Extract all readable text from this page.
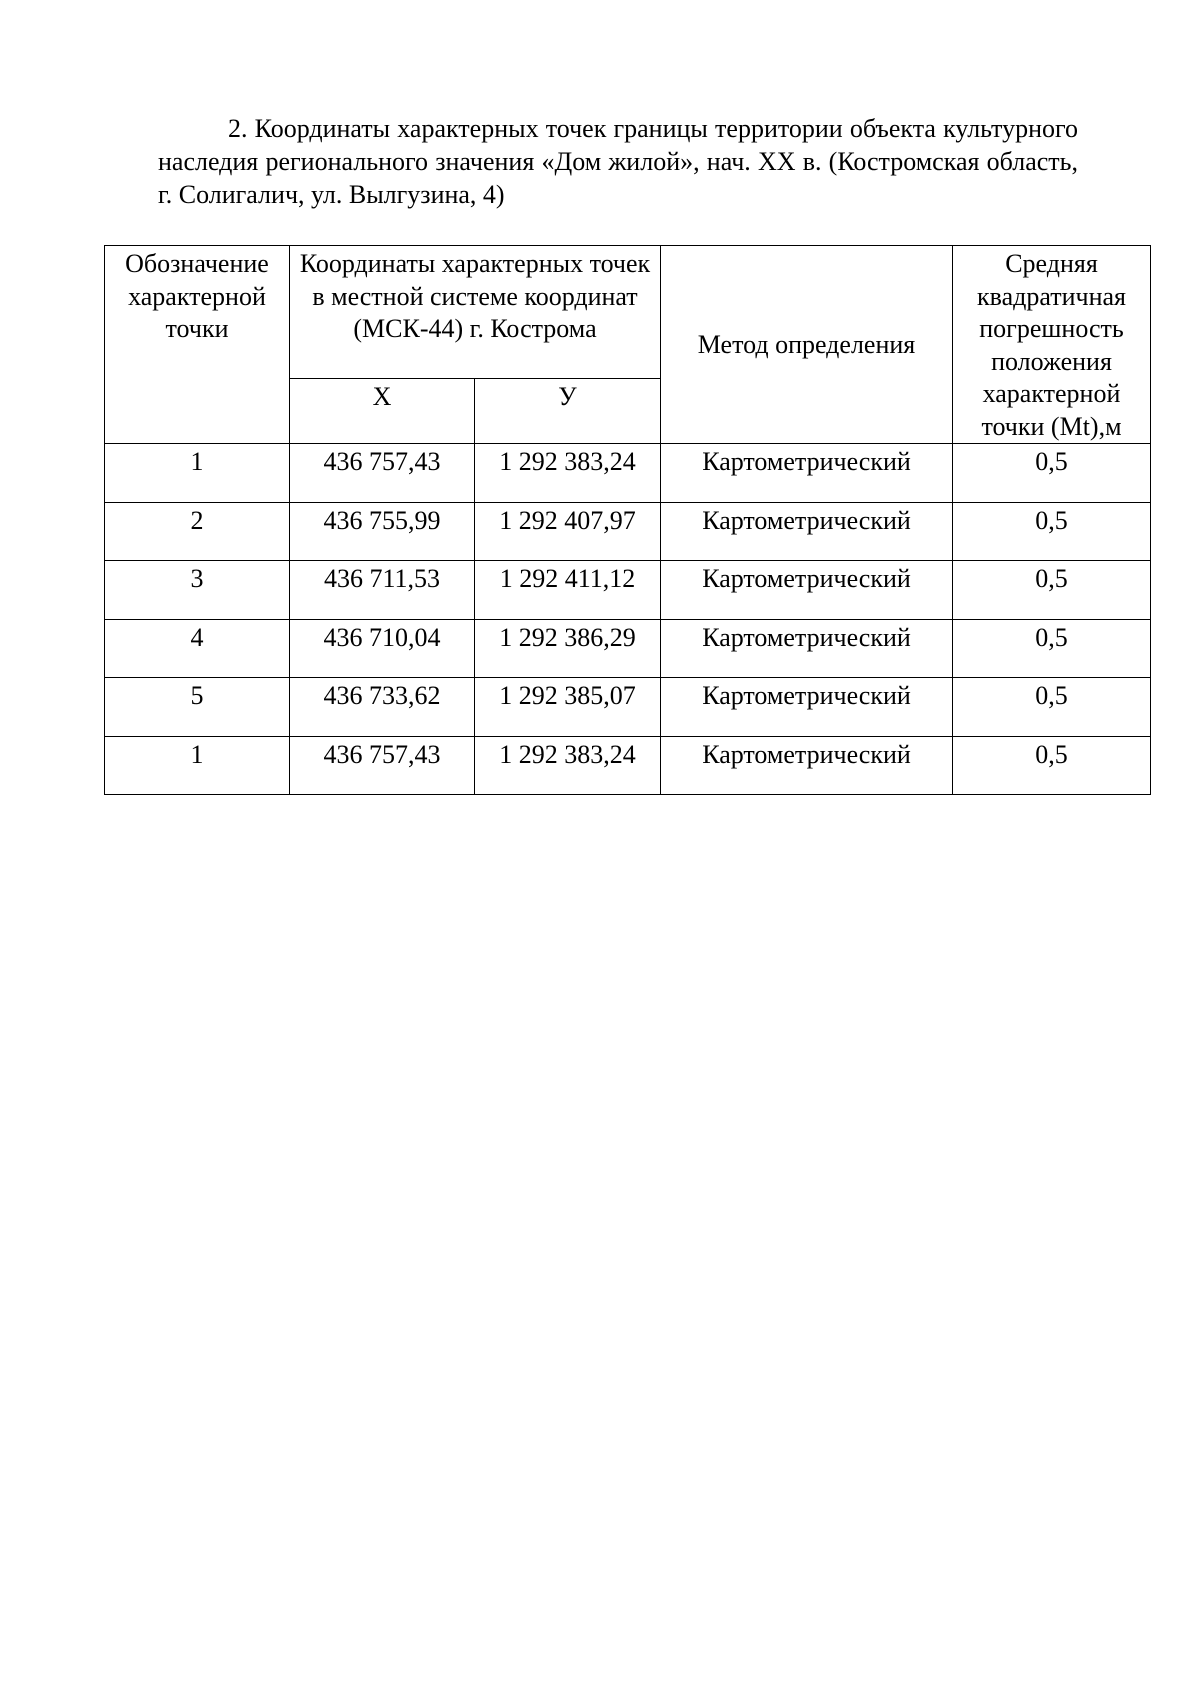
2. Координаты характерных точек границы территории объекта культурного наследия регионального значения «Дом жилой», нач. XX в. (Костромская область, г. Солигалич, ул. Вылгузина, 4)

Обозначение характерной точки	Координаты характерных точек в местной системе координат (МСК-44) г. Кострома		Метод определения	Средняя квадратичная погрешность положения характерной точки (Mt),м
	Х	У		
1	436 757,43	1 292 383,24	Картометрический	0,5
2	436 755,99	1 292 407,97	Картометрический	0,5
3	436 711,53	1 292 411,12	Картометрический	0,5
4	436 710,04	1 292 386,29	Картометрический	0,5
5	436 733,62	1 292 385,07	Картометрический	0,5
1	436 757,43	1 292 383,24	Картометрический	0,5
